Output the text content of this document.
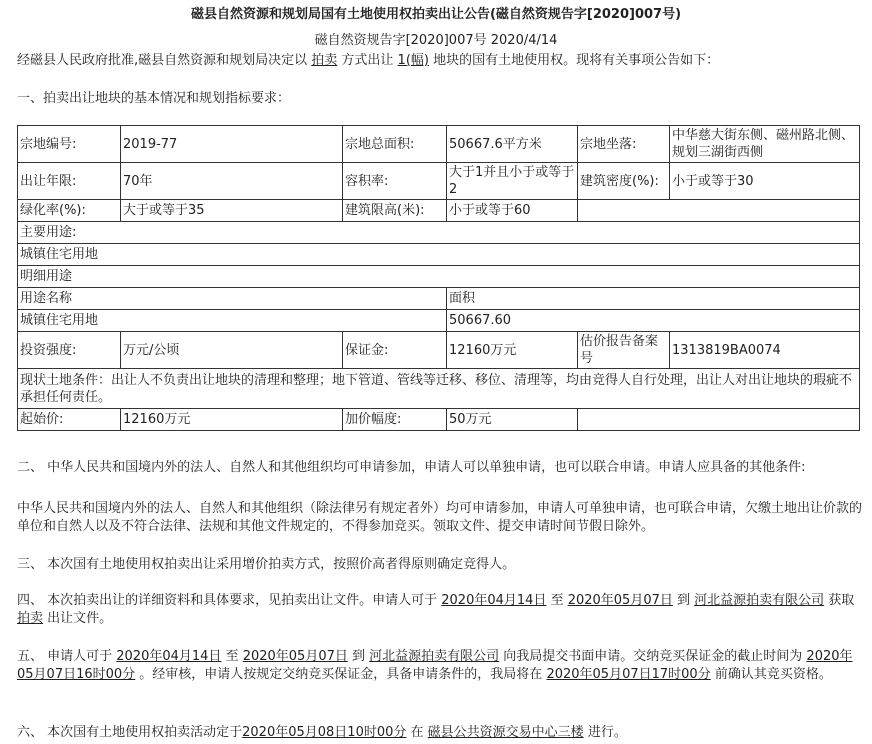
磁县自然资源和规划局国有土地使用权拍卖出让公告(磁自然资规告字[2020]007号)
磁自然资规告字[2020]007号 2020/4/14
经磁县人民政府批准,磁县自然资源和规划局决定以 拍卖 方式出让 1(幅) 地块的国有土地使用权。现将有关事项公告如下：
一、拍卖出让地块的基本情况和规划指标要求：
宗地编号:	2019-77	宗地总面积:	50667.6平方米	宗地坐落:	中华慈大街东侧、磁州路北侧、规划三湖街西侧
出让年限:	70年	容积率:	大于1并且小于或等于2	建筑密度(%):	小于或等于30
绿化率(%):	大于或等于35	建筑限高(米):	小于或等于60		
主要用途:					
城镇住宅用地					
明细用途					
用途名称			面积		
城镇住宅用地			50667.60		
投资强度:	万元/公顷	保证金:	12160万元	估价报告备案号	1313819BA0074
现状土地条件：出让人不负责出让地块的清理和整理；地下管道、管线等迁移、移位、清理等，均由竞得人自行处理，出让人对出让地块的瑕疵不承担任何责任。					
起始价:	12160万元	加价幅度:	50万元		
二、 中华人民共和国境内外的法人、自然人和其他组织均可申请参加，申请人可以单独申请，也可以联合申请。申请人应具备的其他条件:
中华人民共和国境内外的法人、自然人和其他组织（除法律另有规定者外）均可申请参加，申请人可单独申请，也可联合申请，欠缴土地出让价款的单位和自然人以及不符合法律、法规和其他文件规定的，不得参加竞买。领取文件、提交申请时间节假日除外。
三、 本次国有土地使用权拍卖出让采用增价拍卖方式，按照价高者得原则确定竞得人。
四、 本次拍卖出让的详细资料和具体要求，见拍卖出让文件。申请人可于 2020年04月14日 至 2020年05月07日 到 河北益源拍卖有限公司 获取 拍卖 出让文件。
五、 申请人可于 2020年04月14日 至 2020年05月07日 到 河北益源拍卖有限公司 向我局提交书面申请。交纳竞买保证金的截止时间为 2020年05月07日16时00分 。经审核，申请人按规定交纳竞买保证金，具备申请条件的，我局将在 2020年05月07日17时00分 前确认其竞买资格。
六、 本次国有土地使用权拍卖活动定于2020年05月08日10时00分 在 磁县公共资源交易中心三楼 进行。
